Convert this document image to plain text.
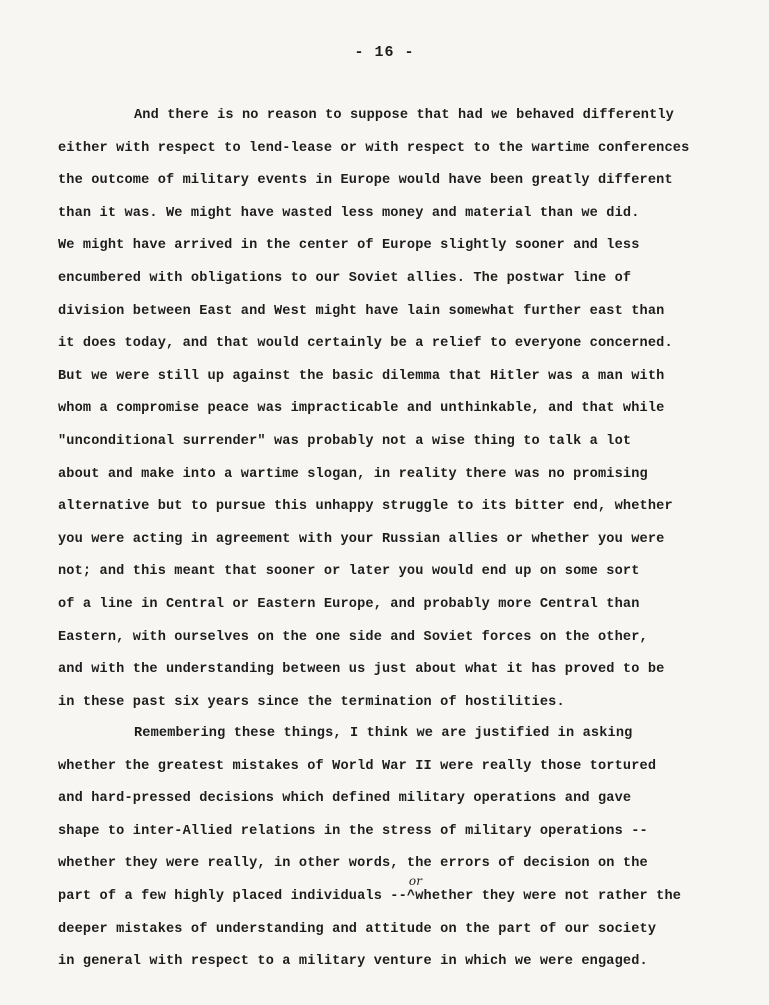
- 16 -
And there is no reason to suppose that had we behaved differently
either with respect to lend-lease or with respect to the wartime conferences
the outcome of military events in Europe would have been greatly different
than it was. We might have wasted less money and material than we did.
We might have arrived in the center of Europe slightly sooner and less
encumbered with obligations to our Soviet allies. The postwar line of
division between East and West might have lain somewhat further east than
it does today, and that would certainly be a relief to everyone concerned.
But we were still up against the basic dilemma that Hitler was a man with
whom a compromise peace was impracticable and unthinkable, and that while
"unconditional surrender" was probably not a wise thing to talk a lot
about and make into a wartime slogan, in reality there was no promising
alternative but to pursue this unhappy struggle to its bitter end, whether
you were acting in agreement with your Russian allies or whether you were
not; and this meant that sooner or later you would end up on some sort
of a line in Central or Eastern Europe, and probably more Central than
Eastern, with ourselves on the one side and Soviet forces on the other,
and with the understanding between us just about what it has proved to be
in these past six years since the termination of hostilities.
Remembering these things, I think we are justified in asking
whether the greatest mistakes of World War II were really those tortured
and hard-pressed decisions which defined military operations and gave
shape to inter-Allied relations in the stress of military operations --
whether they were really, in other words, the errors of decision on the
part of a few highly placed individuals --
or
^whether they were not rather the
deeper mistakes of understanding and attitude on the part of our society
in general with respect to a military venture in which we were engaged.
